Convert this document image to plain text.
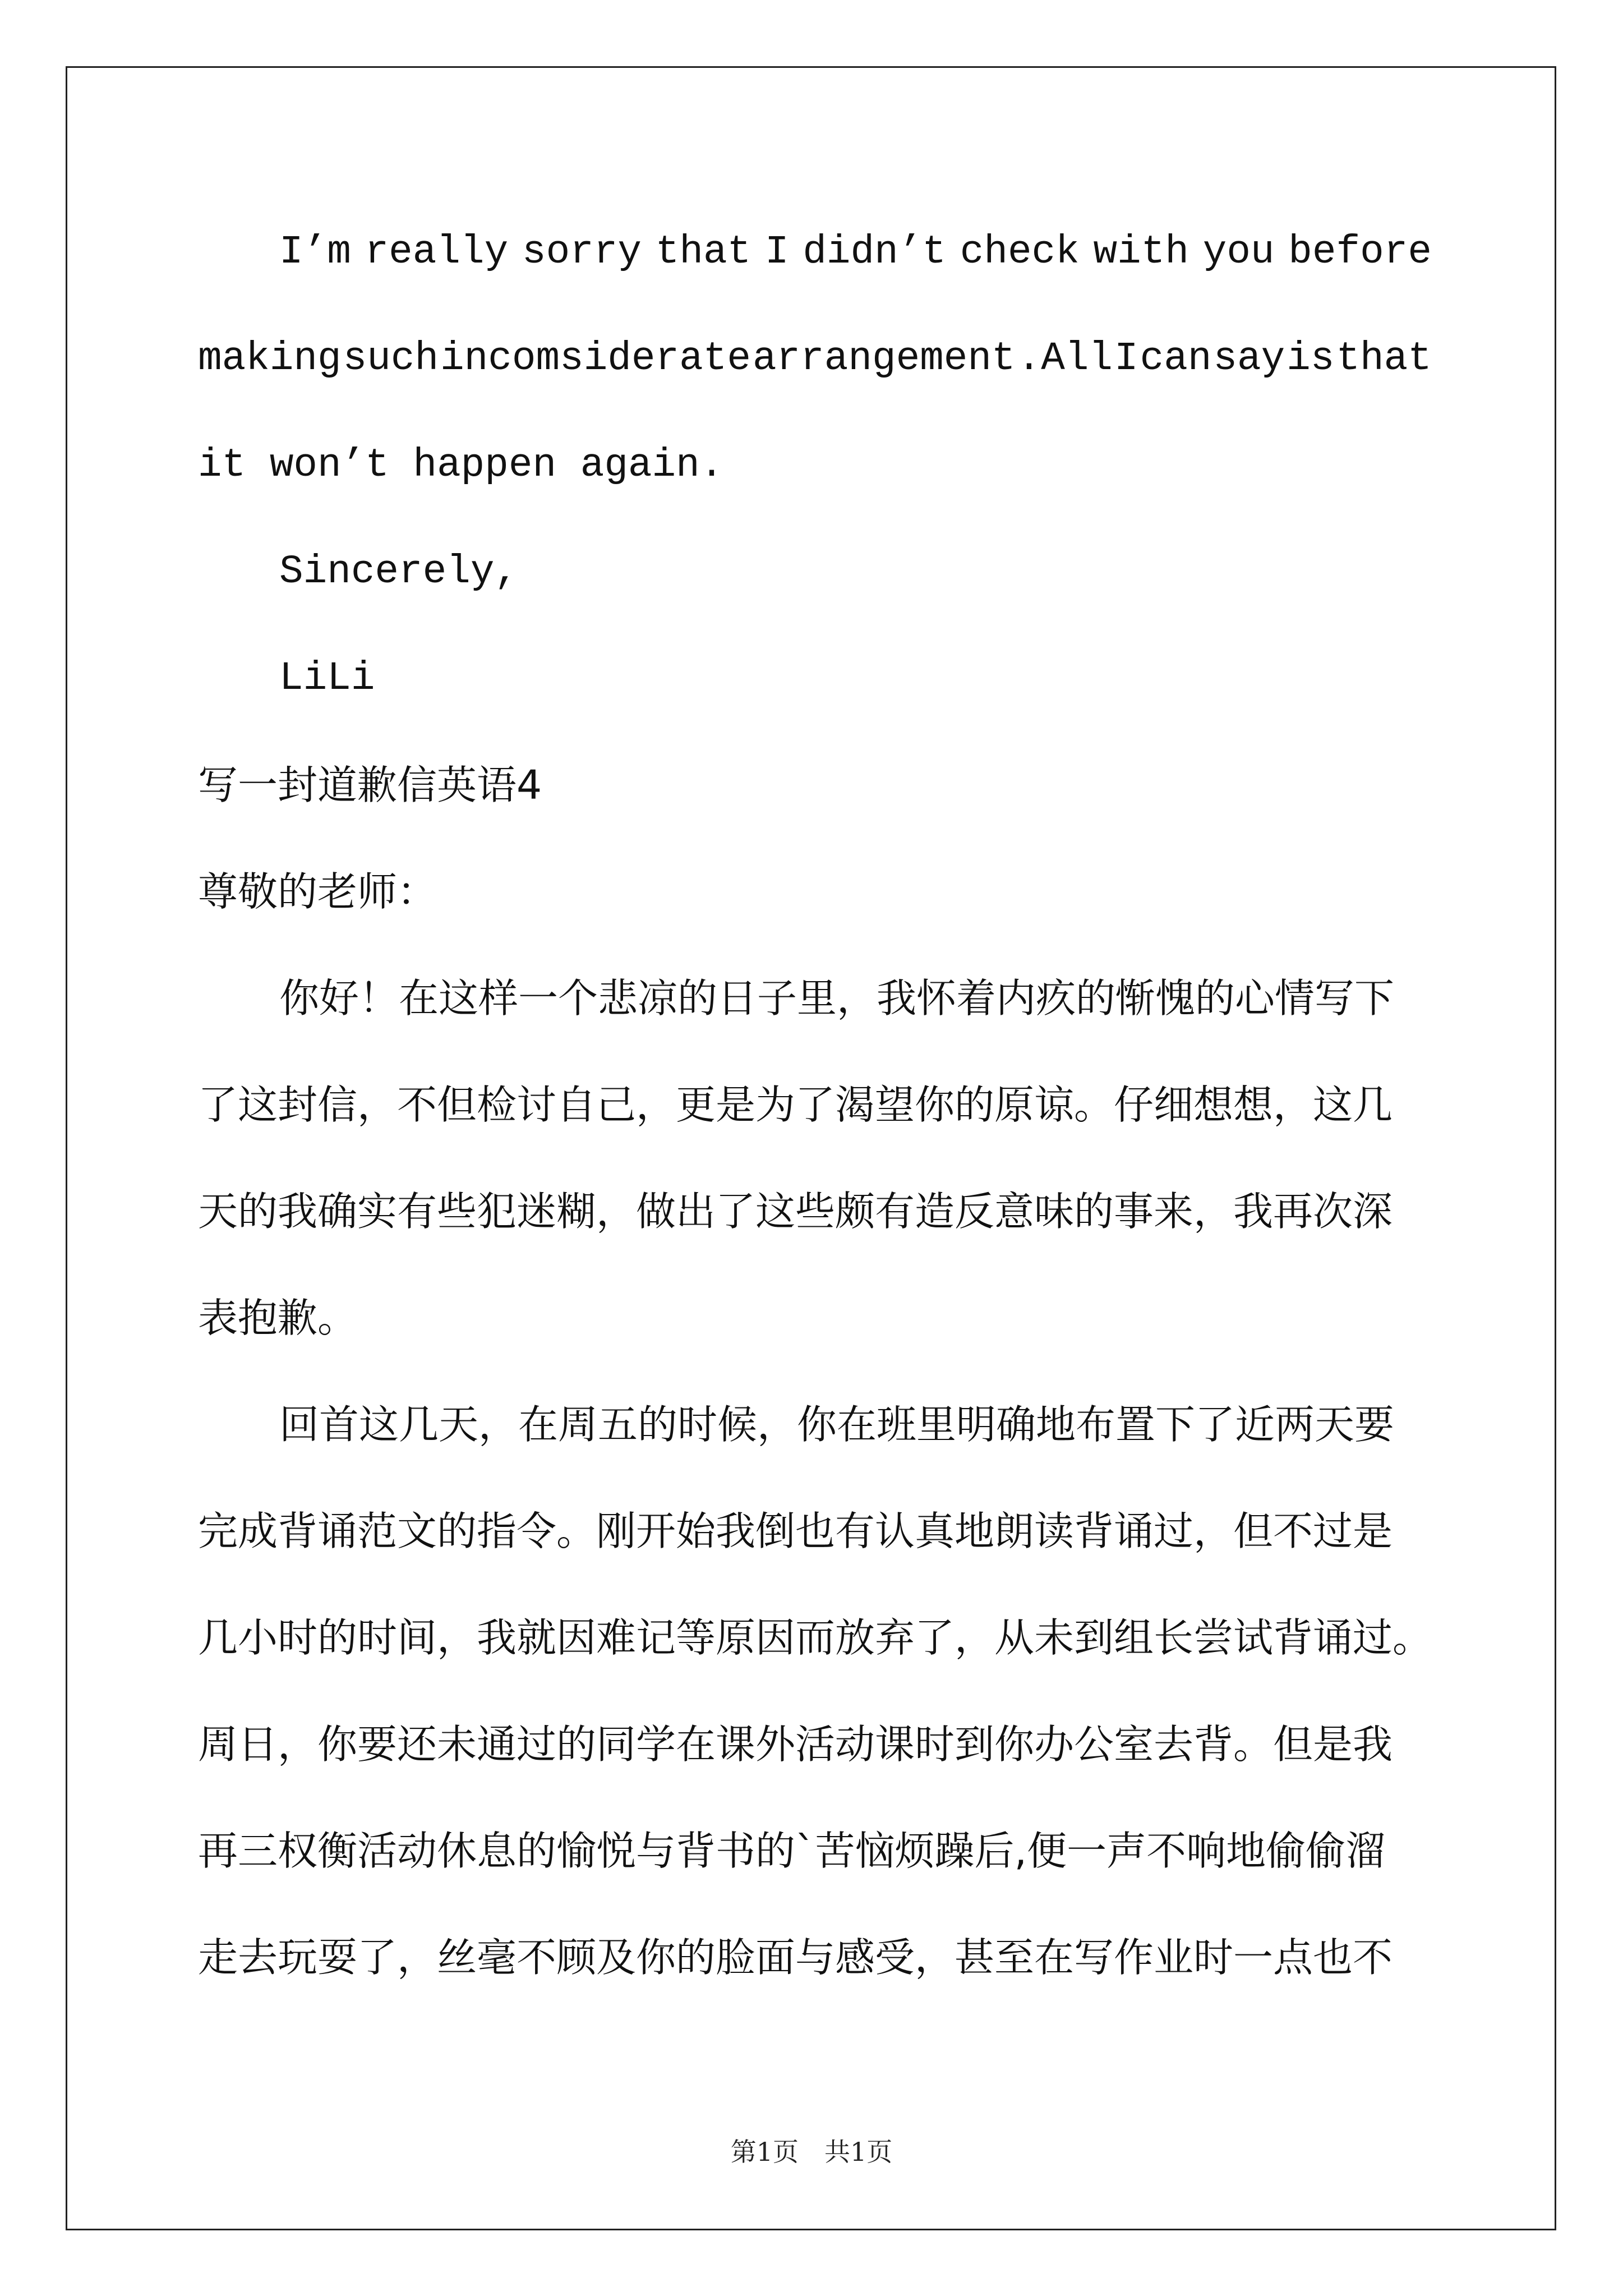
I’m really sorry that I didn’t check with you before
making such incomsiderate arrangement .All I can say is that
it won’t happen again.
Sincerely,
LiLi
写一封道歉信英语4
尊敬的老师：
你好！在这样一个悲凉的日子里，我怀着内疚的惭愧的心情写下
了这封信，不但检讨自己，更是为了渴望你的原谅。仔细想想，这几
天的我确实有些犯迷糊，做出了这些颇有造反意味的事来，我再次深
表抱歉。
回首这几天，在周五的时候，你在班里明确地布置下了近两天要
完成背诵范文的指令。刚开始我倒也有认真地朗读背诵过，但不过是
几小时的时间，我就因难记等原因而放弃了，从未到组长尝试背诵过。
周日，你要还未通过的同学在课外活动课时到你办公室去背。但是我
再三权衡活动休息的愉悦与背书的`苦恼烦躁后,便一声不响地偷偷溜
走去玩耍了，丝毫不顾及你的脸面与感受，甚至在写作业时一点也不
第1页　共1页
